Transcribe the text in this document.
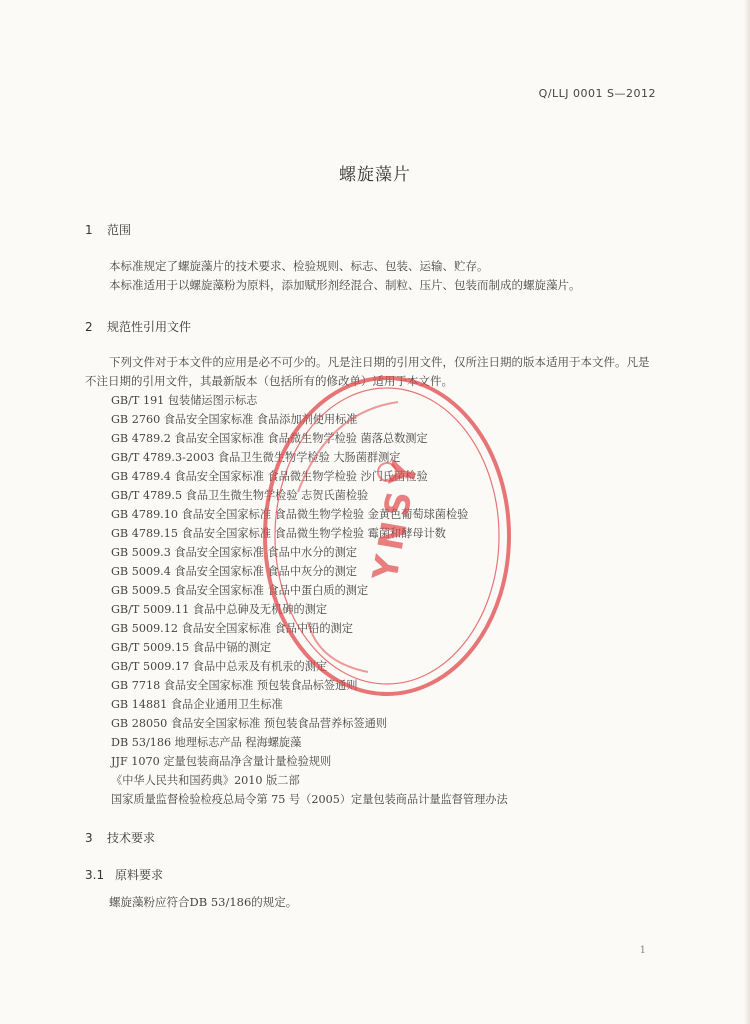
Q/LLJ 0001 S—2012
螺旋藻片
1 范围

本标准规定了螺旋藻片的技术要求、检验规则、标志、包装、运输、贮存。

本标准适用于以螺旋藻粉为原料，添加赋形剂经混合、制粒、压片、包装而制成的螺旋藻片。

2 规范性引用文件

下列文件对于本文件的应用是必不可少的。凡是注日期的引用文件，仅所注日期的版本适用于本文件。凡是不注日期的引用文件，其最新版本（包括所有的修改单）适用于本文件。

GB/T 191 包装储运图示标志
GB 2760 食品安全国家标准 食品添加剂使用标准
GB 4789.2 食品安全国家标准 食品微生物学检验 菌落总数测定
GB/T 4789.3-2003 食品卫生微生物学检验 大肠菌群测定
GB 4789.4 食品安全国家标准 食品微生物学检验 沙门氏菌检验
GB/T 4789.5 食品卫生微生物学检验 志贺氏菌检验
GB 4789.10 食品安全国家标准 食品微生物学检验 金黄色葡萄球菌检验
GB 4789.15 食品安全国家标准 食品微生物学检验 霉菌和酵母计数
GB 5009.3 食品安全国家标准 食品中水分的测定
GB 5009.4 食品安全国家标准 食品中灰分的测定
GB 5009.5 食品安全国家标准 食品中蛋白质的测定
GB/T 5009.11 食品中总砷及无机砷的测定
GB 5009.12 食品安全国家标准 食品中铅的测定
GB/T 5009.15 食品中镉的测定
GB/T 5009.17 食品中总汞及有机汞的测定
GB 7718 食品安全国家标准 预包装食品标签通则
GB 14881 食品企业通用卫生标准
GB 28050 食品安全国家标准 预包装食品营养标签通则
DB 53/186 地理标志产品 程海螺旋藻
JJF 1070 定量包装商品净含量计量检验规则
《中华人民共和国药典》2010 版二部
国家质量监督检验检疫总局令第 75 号（2005）定量包装商品计量监督管理办法
3 技术要求
3.1 原料要求

螺旋藻粉应符合DB 53/186的规定。

1
YNSY
